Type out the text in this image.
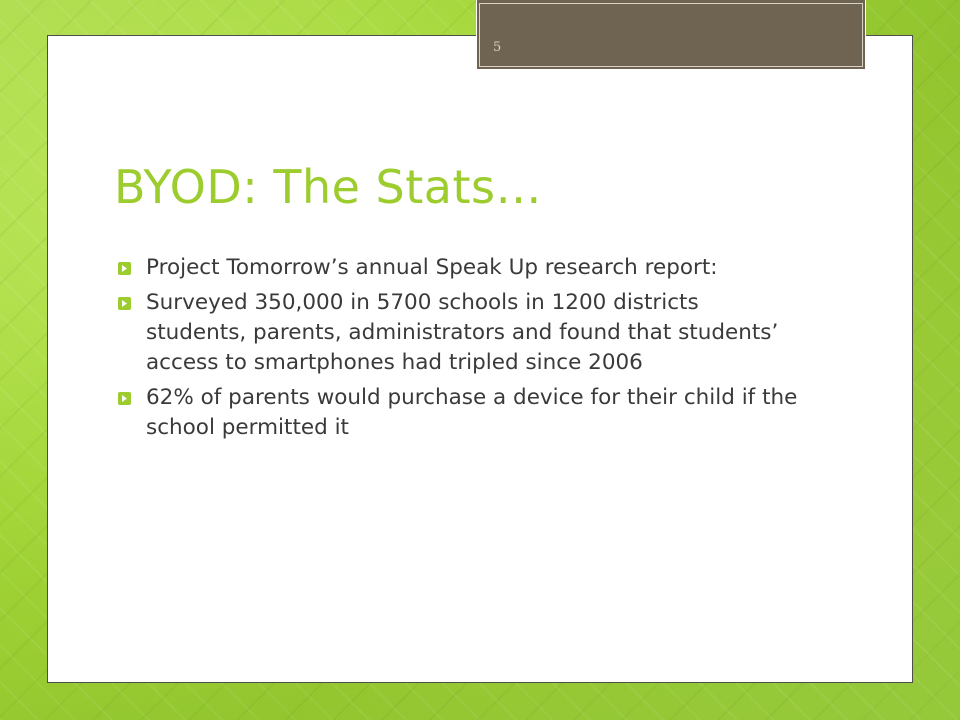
5
BYOD: The Stats…
Project Tomorrow’s annual Speak Up research report:
Surveyed 350,000 in 5700 schools in 1200 districts students, parents, administrators and found that students’ access to smartphones had tripled since 2006
62% of parents would purchase a device for their child if the school permitted it
